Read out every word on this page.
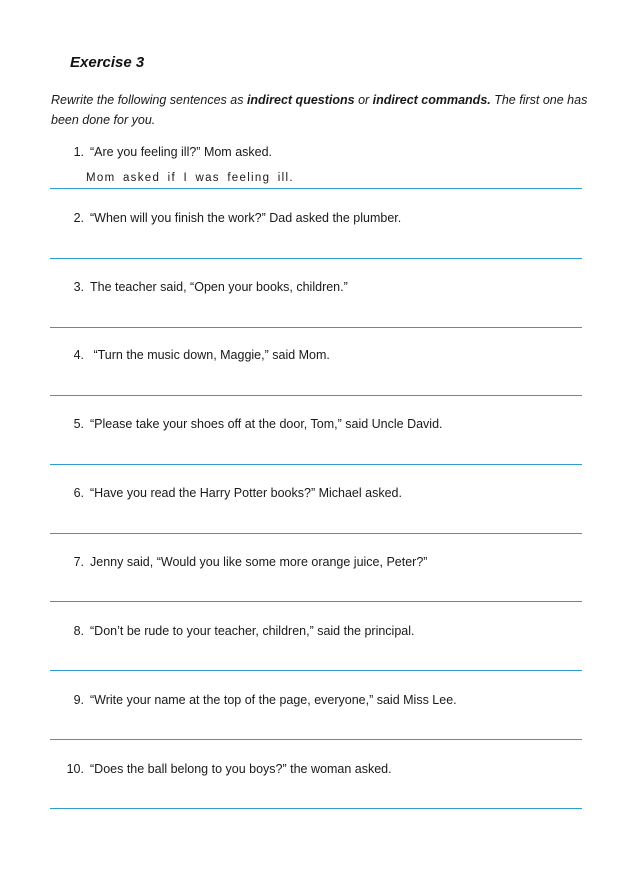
Exercise 3
Rewrite the following sentences as indirect questions or indirect commands. The first one has been done for you.
1. “Are you feeling ill?” Mom asked.
Mom asked if I was feeling ill.
2. “When will you finish the work?” Dad asked the plumber.
3. The teacher said, “Open your books, children.”
4. “Turn the music down, Maggie,” said Mom.
5. “Please take your shoes off at the door, Tom,” said Uncle David.
6. “Have you read the Harry Potter books?” Michael asked.
7. Jenny said, “Would you like some more orange juice, Peter?”
8. “Don’t be rude to your teacher, children,” said the principal.
9. “Write your name at the top of the page, everyone,” said Miss Lee.
10. “Does the ball belong to you boys?” the woman asked.
